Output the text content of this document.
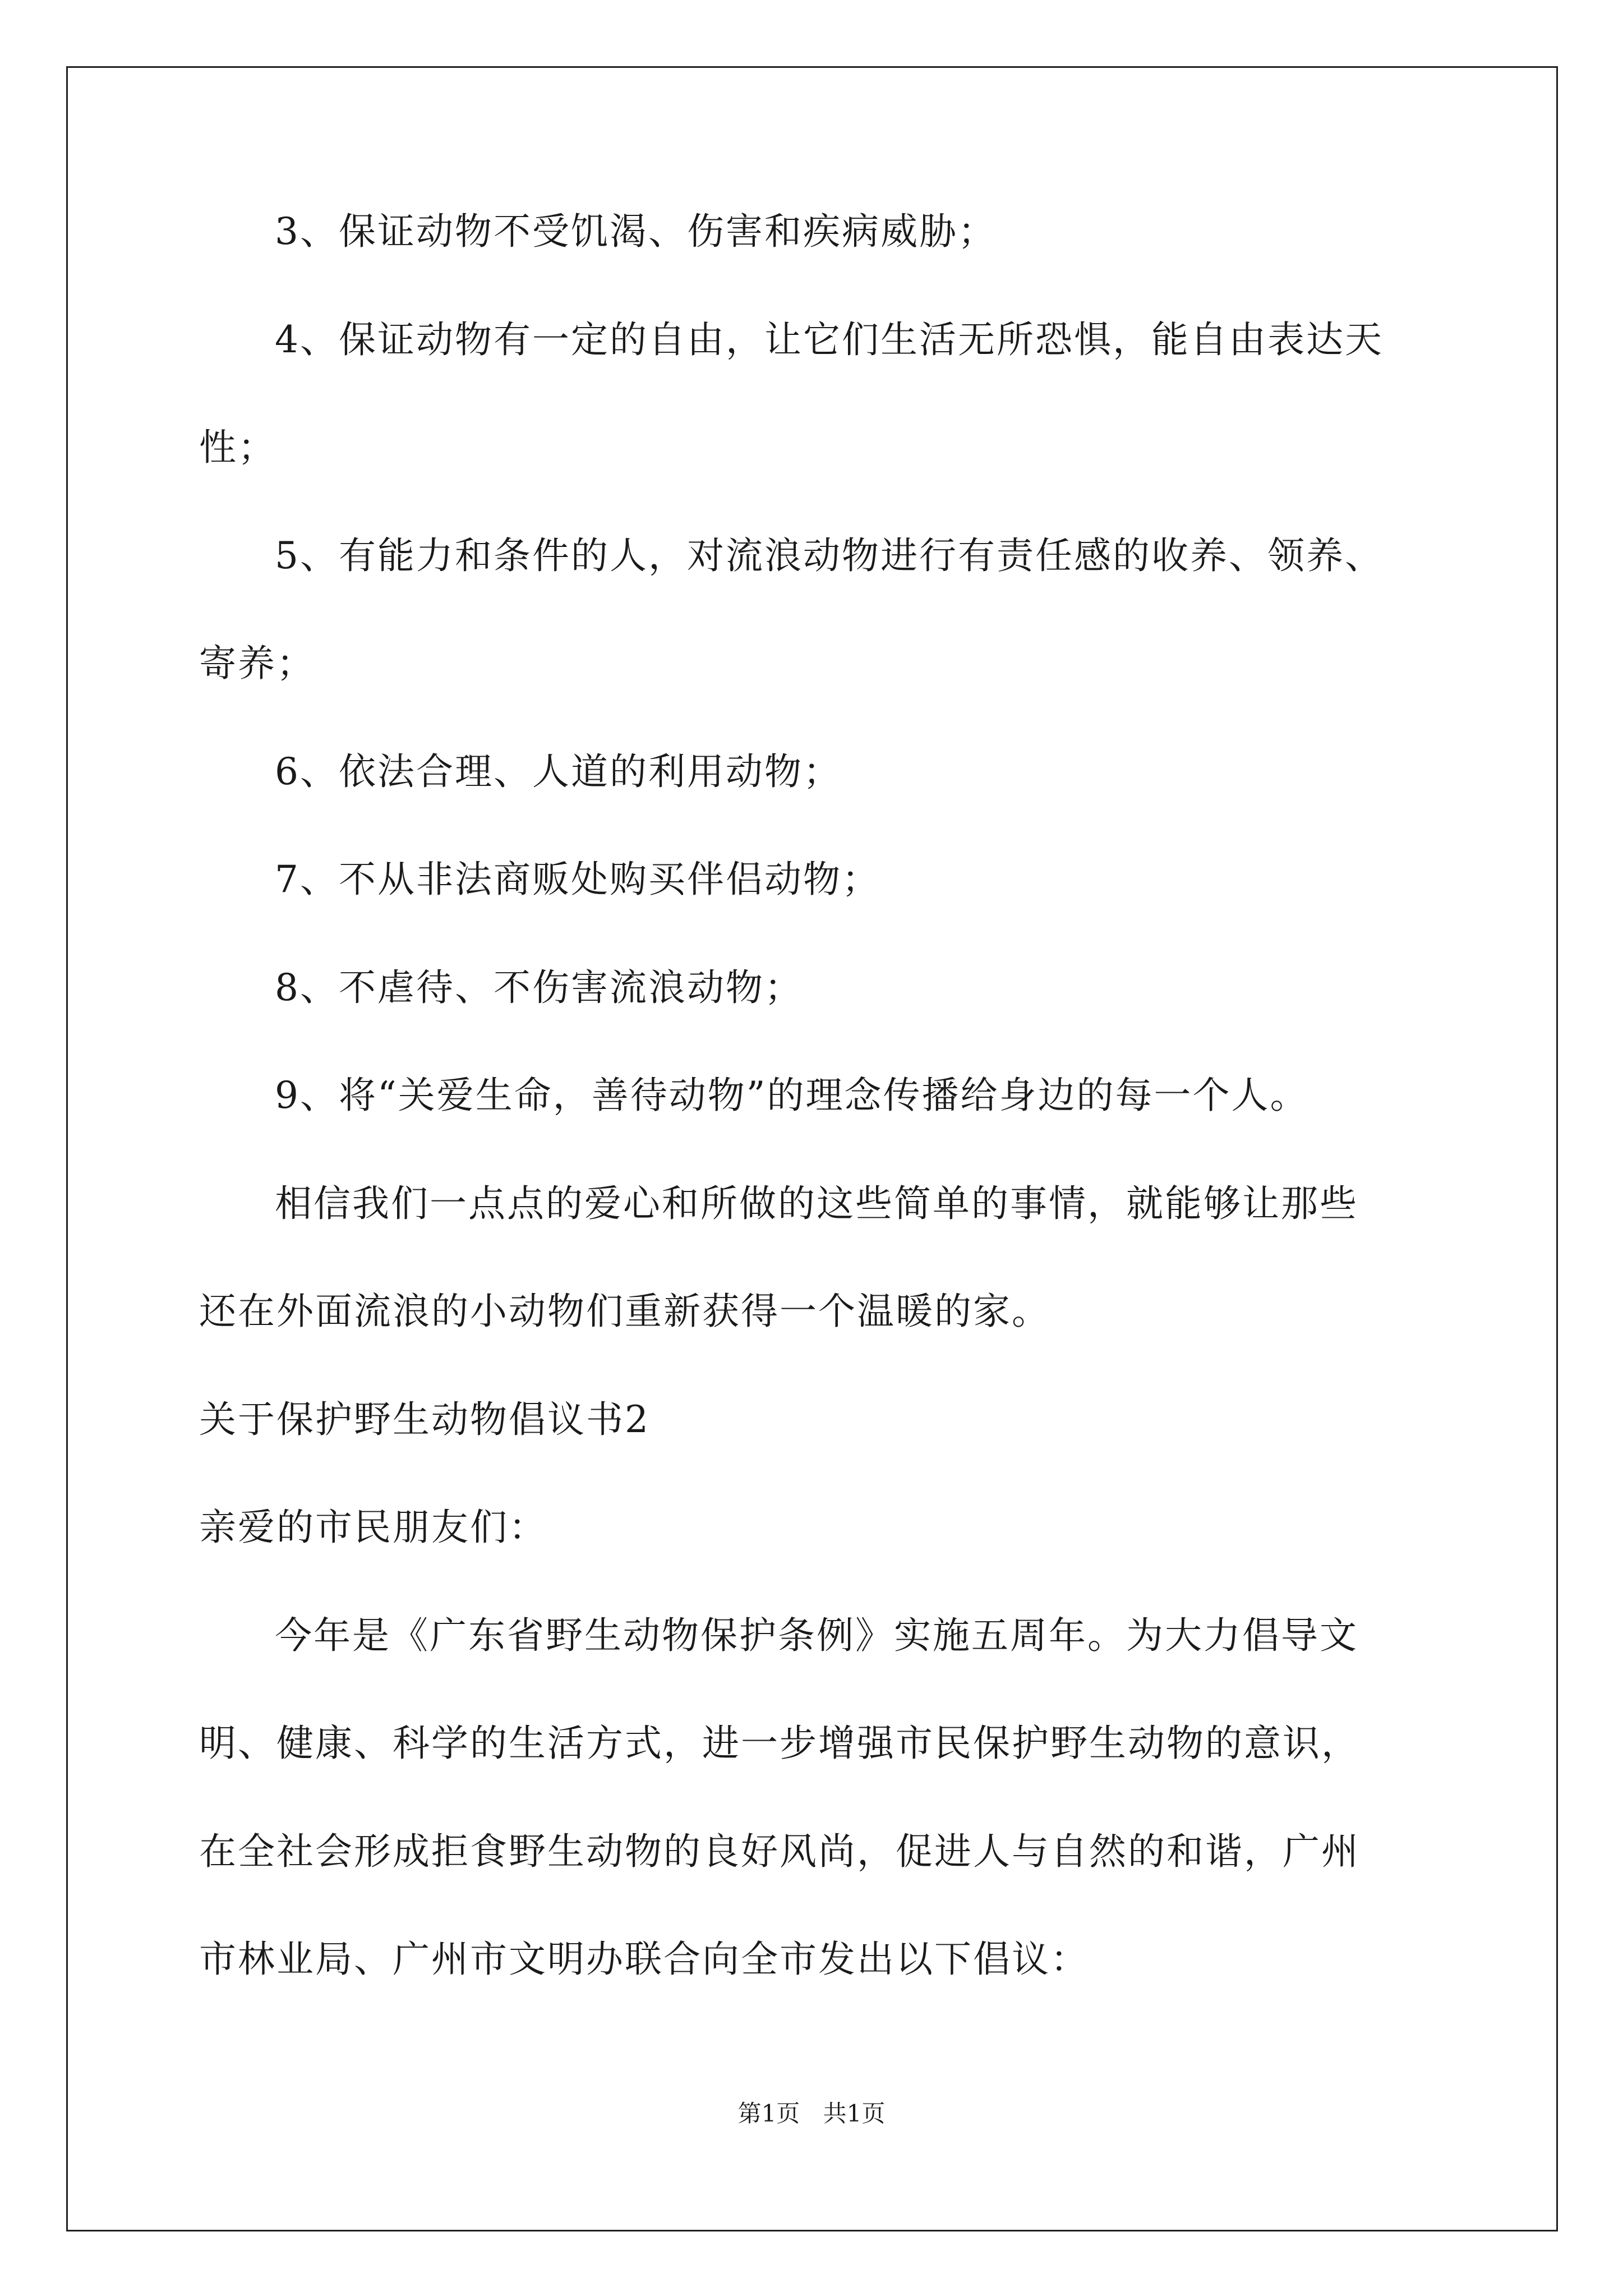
3、保证动物不受饥渴、伤害和疾病威胁；

4、保证动物有一定的自由，让它们生活无所恐惧，能自由表达天

性；

5、有能力和条件的人，对流浪动物进行有责任感的收养、领养、

寄养；

6、依法合理、人道的利用动物；

7、不从非法商贩处购买伴侣动物；

8、不虐待、不伤害流浪动物；

9、将“关爱生命，善待动物”的理念传播给身边的每一个人。

相信我们一点点的爱心和所做的这些简单的事情，就能够让那些

还在外面流浪的小动物们重新获得一个温暖的家。

关于保护野生动物倡议书2

亲爱的市民朋友们：

今年是《广东省野生动物保护条例》实施五周年。为大力倡导文

明、健康、科学的生活方式，进一步增强市民保护野生动物的意识，

在全社会形成拒食野生动物的良好风尚，促进人与自然的和谐，广州

市林业局、广州市文明办联合向全市发出以下倡议：

第1页 共1页
